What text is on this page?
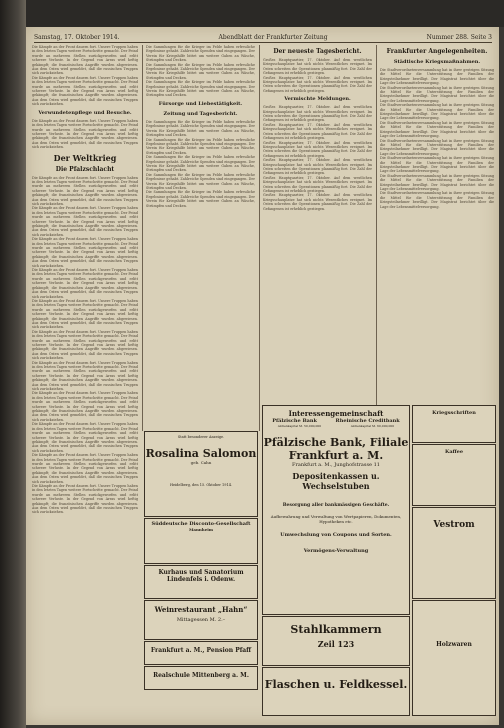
Samstag, 17. Oktober 1914.	Abendblatt der Frankfurter Zeitung	Nummer 288. Seite 3
Die Kämpfe an der Front dauern fort. Unsere Truppen haben in den letzten Tagen weitere Fortschritte gemacht. Der Feind wurde an mehreren Stellen zurückgeworfen und erlitt schwere Verluste. In der Gegend von Arras wird heftig gekämpft; die französischen Angriffe wurden abgewiesen. Aus dem Osten wird gemeldet, daß die russischen Truppen sich zurückziehen.
Die Kämpfe an der Front dauern fort. Unsere Truppen haben in den letzten Tagen weitere Fortschritte gemacht. Der Feind wurde an mehreren Stellen zurückgeworfen und erlitt schwere Verluste. In der Gegend von Arras wird heftig gekämpft; die französischen Angriffe wurden abgewiesen. Aus dem Osten wird gemeldet, daß die russischen Truppen sich zurückziehen.
Verwundetenpflege und Besuche.
Die Kämpfe an der Front dauern fort. Unsere Truppen haben in den letzten Tagen weitere Fortschritte gemacht. Der Feind wurde an mehreren Stellen zurückgeworfen und erlitt schwere Verluste. In der Gegend von Arras wird heftig gekämpft; die französischen Angriffe wurden abgewiesen. Aus dem Osten wird gemeldet, daß die russischen Truppen sich zurückziehen.
Der Weltkrieg
Die Pfalzschlacht
Die Kämpfe an der Front dauern fort. Unsere Truppen haben in den letzten Tagen weitere Fortschritte gemacht. Der Feind wurde an mehreren Stellen zurückgeworfen und erlitt schwere Verluste. In der Gegend von Arras wird heftig gekämpft; die französischen Angriffe wurden abgewiesen. Aus dem Osten wird gemeldet, daß die russischen Truppen sich zurückziehen.
Die Kämpfe an der Front dauern fort. Unsere Truppen haben in den letzten Tagen weitere Fortschritte gemacht. Der Feind wurde an mehreren Stellen zurückgeworfen und erlitt schwere Verluste. In der Gegend von Arras wird heftig gekämpft; die französischen Angriffe wurden abgewiesen. Aus dem Osten wird gemeldet, daß die russischen Truppen sich zurückziehen.
Die Kämpfe an der Front dauern fort. Unsere Truppen haben in den letzten Tagen weitere Fortschritte gemacht. Der Feind wurde an mehreren Stellen zurückgeworfen und erlitt schwere Verluste. In der Gegend von Arras wird heftig gekämpft; die französischen Angriffe wurden abgewiesen. Aus dem Osten wird gemeldet, daß die russischen Truppen sich zurückziehen.
Die Kämpfe an der Front dauern fort. Unsere Truppen haben in den letzten Tagen weitere Fortschritte gemacht. Der Feind wurde an mehreren Stellen zurückgeworfen und erlitt schwere Verluste. In der Gegend von Arras wird heftig gekämpft; die französischen Angriffe wurden abgewiesen. Aus dem Osten wird gemeldet, daß die russischen Truppen sich zurückziehen.
Die Kämpfe an der Front dauern fort. Unsere Truppen haben in den letzten Tagen weitere Fortschritte gemacht. Der Feind wurde an mehreren Stellen zurückgeworfen und erlitt schwere Verluste. In der Gegend von Arras wird heftig gekämpft; die französischen Angriffe wurden abgewiesen. Aus dem Osten wird gemeldet, daß die russischen Truppen sich zurückziehen.
Die Kämpfe an der Front dauern fort. Unsere Truppen haben in den letzten Tagen weitere Fortschritte gemacht. Der Feind wurde an mehreren Stellen zurückgeworfen und erlitt schwere Verluste. In der Gegend von Arras wird heftig gekämpft; die französischen Angriffe wurden abgewiesen. Aus dem Osten wird gemeldet, daß die russischen Truppen sich zurückziehen.
Die Kämpfe an der Front dauern fort. Unsere Truppen haben in den letzten Tagen weitere Fortschritte gemacht. Der Feind wurde an mehreren Stellen zurückgeworfen und erlitt schwere Verluste. In der Gegend von Arras wird heftig gekämpft; die französischen Angriffe wurden abgewiesen. Aus dem Osten wird gemeldet, daß die russischen Truppen sich zurückziehen.
Die Kämpfe an der Front dauern fort. Unsere Truppen haben in den letzten Tagen weitere Fortschritte gemacht. Der Feind wurde an mehreren Stellen zurückgeworfen und erlitt schwere Verluste. In der Gegend von Arras wird heftig gekämpft; die französischen Angriffe wurden abgewiesen. Aus dem Osten wird gemeldet, daß die russischen Truppen sich zurückziehen.
Die Kämpfe an der Front dauern fort. Unsere Truppen haben in den letzten Tagen weitere Fortschritte gemacht. Der Feind wurde an mehreren Stellen zurückgeworfen und erlitt schwere Verluste. In der Gegend von Arras wird heftig gekämpft; die französischen Angriffe wurden abgewiesen. Aus dem Osten wird gemeldet, daß die russischen Truppen sich zurückziehen.
Die Kämpfe an der Front dauern fort. Unsere Truppen haben in den letzten Tagen weitere Fortschritte gemacht. Der Feind wurde an mehreren Stellen zurückgeworfen und erlitt schwere Verluste. In der Gegend von Arras wird heftig gekämpft; die französischen Angriffe wurden abgewiesen. Aus dem Osten wird gemeldet, daß die russischen Truppen sich zurückziehen.
Die Kämpfe an der Front dauern fort. Unsere Truppen haben in den letzten Tagen weitere Fortschritte gemacht. Der Feind wurde an mehreren Stellen zurückgeworfen und erlitt schwere Verluste. In der Gegend von Arras wird heftig gekämpft; die französischen Angriffe wurden abgewiesen. Aus dem Osten wird gemeldet, daß die russischen Truppen sich zurückziehen.
Die Sammlungen für die Krieger im Felde haben erfreuliche Ergebnisse gehabt. Zahlreiche Spenden sind eingegangen. Der Verein für Kriegshilfe bittet um weitere Gaben an Wäsche, Strümpfen und Decken.
Die Sammlungen für die Krieger im Felde haben erfreuliche Ergebnisse gehabt. Zahlreiche Spenden sind eingegangen. Der Verein für Kriegshilfe bittet um weitere Gaben an Wäsche, Strümpfen und Decken.
Die Sammlungen für die Krieger im Felde haben erfreuliche Ergebnisse gehabt. Zahlreiche Spenden sind eingegangen. Der Verein für Kriegshilfe bittet um weitere Gaben an Wäsche, Strümpfen und Decken.
Fürsorge und Liebestätigkeit.
Zeitung und Tagesbericht.
Die Sammlungen für die Krieger im Felde haben erfreuliche Ergebnisse gehabt. Zahlreiche Spenden sind eingegangen. Der Verein für Kriegshilfe bittet um weitere Gaben an Wäsche, Strümpfen und Decken.
Die Sammlungen für die Krieger im Felde haben erfreuliche Ergebnisse gehabt. Zahlreiche Spenden sind eingegangen. Der Verein für Kriegshilfe bittet um weitere Gaben an Wäsche, Strümpfen und Decken.
Die Sammlungen für die Krieger im Felde haben erfreuliche Ergebnisse gehabt. Zahlreiche Spenden sind eingegangen. Der Verein für Kriegshilfe bittet um weitere Gaben an Wäsche, Strümpfen und Decken.
Die Sammlungen für die Krieger im Felde haben erfreuliche Ergebnisse gehabt. Zahlreiche Spenden sind eingegangen. Der Verein für Kriegshilfe bittet um weitere Gaben an Wäsche, Strümpfen und Decken.
Die Sammlungen für die Krieger im Felde haben erfreuliche Ergebnisse gehabt. Zahlreiche Spenden sind eingegangen. Der Verein für Kriegshilfe bittet um weitere Gaben an Wäsche, Strümpfen und Decken.
Der neueste Tagesbericht.
Großes Hauptquartier, 17. Oktober. Auf dem westlichen Kriegsschauplatze hat sich nichts Wesentliches ereignet. Im Osten schreiten die Operationen planmäßig fort. Die Zahl der Gefangenen ist erheblich gestiegen.
Großes Hauptquartier, 17. Oktober. Auf dem westlichen Kriegsschauplatze hat sich nichts Wesentliches ereignet. Im Osten schreiten die Operationen planmäßig fort. Die Zahl der Gefangenen ist erheblich gestiegen.
Vermischte Meldungen.
Großes Hauptquartier, 17. Oktober. Auf dem westlichen Kriegsschauplatze hat sich nichts Wesentliches ereignet. Im Osten schreiten die Operationen planmäßig fort. Die Zahl der Gefangenen ist erheblich gestiegen.
Großes Hauptquartier, 17. Oktober. Auf dem westlichen Kriegsschauplatze hat sich nichts Wesentliches ereignet. Im Osten schreiten die Operationen planmäßig fort. Die Zahl der Gefangenen ist erheblich gestiegen.
Großes Hauptquartier, 17. Oktober. Auf dem westlichen Kriegsschauplatze hat sich nichts Wesentliches ereignet. Im Osten schreiten die Operationen planmäßig fort. Die Zahl der Gefangenen ist erheblich gestiegen.
Großes Hauptquartier, 17. Oktober. Auf dem westlichen Kriegsschauplatze hat sich nichts Wesentliches ereignet. Im Osten schreiten die Operationen planmäßig fort. Die Zahl der Gefangenen ist erheblich gestiegen.
Großes Hauptquartier, 17. Oktober. Auf dem westlichen Kriegsschauplatze hat sich nichts Wesentliches ereignet. Im Osten schreiten die Operationen planmäßig fort. Die Zahl der Gefangenen ist erheblich gestiegen.
Großes Hauptquartier, 17. Oktober. Auf dem westlichen Kriegsschauplatze hat sich nichts Wesentliches ereignet. Im Osten schreiten die Operationen planmäßig fort. Die Zahl der Gefangenen ist erheblich gestiegen.
Frankfurter Angelegenheiten.
Städtische Kriegsmaßnahmen.
Die Stadtverordnetenversammlung hat in ihrer gestrigen Sitzung die Mittel für die Unterstützung der Familien der Kriegsteilnehmer bewilligt. Der Magistrat berichtet über die Lage der Lebensmittelversorgung.
Die Stadtverordnetenversammlung hat in ihrer gestrigen Sitzung die Mittel für die Unterstützung der Familien der Kriegsteilnehmer bewilligt. Der Magistrat berichtet über die Lage der Lebensmittelversorgung.
Die Stadtverordnetenversammlung hat in ihrer gestrigen Sitzung die Mittel für die Unterstützung der Familien der Kriegsteilnehmer bewilligt. Der Magistrat berichtet über die Lage der Lebensmittelversorgung.
Die Stadtverordnetenversammlung hat in ihrer gestrigen Sitzung die Mittel für die Unterstützung der Familien der Kriegsteilnehmer bewilligt. Der Magistrat berichtet über die Lage der Lebensmittelversorgung.
Die Stadtverordnetenversammlung hat in ihrer gestrigen Sitzung die Mittel für die Unterstützung der Familien der Kriegsteilnehmer bewilligt. Der Magistrat berichtet über die Lage der Lebensmittelversorgung.
Die Stadtverordnetenversammlung hat in ihrer gestrigen Sitzung die Mittel für die Unterstützung der Familien der Kriegsteilnehmer bewilligt. Der Magistrat berichtet über die Lage der Lebensmittelversorgung.
Die Stadtverordnetenversammlung hat in ihrer gestrigen Sitzung die Mittel für die Unterstützung der Familien der Kriegsteilnehmer bewilligt. Der Magistrat berichtet über die Lage der Lebensmittelversorgung.
Die Stadtverordnetenversammlung hat in ihrer gestrigen Sitzung die Mittel für die Unterstützung der Familien der Kriegsteilnehmer bewilligt. Der Magistrat berichtet über die Lage der Lebensmittelversorgung.
Statt besonderer Anzeige.
Rosalina Salomon
geb. Cahn
Heidelberg, den 15. Oktober 1914.
Süddeutsche Disconto-Gesellschaft
Mannheim
Kurhaus und Sanatorium
Lindenfels i. Odenw.
Weinrestaurant „Hahn“
Mittagessen M. 2.–
Frankfurt a. M., Pension Pfaff
Realschule Mittenberg a. M.
Interessengemeinschaft
Pfälzische Bank	Rheinische Creditbank
Aktienkapital M. 50,000,000	Aktienkapital M. 60,000,000
Pfälzische Bank, Filiale Frankfurt a. M.
Frankfurt a. M., Junghofstrasse 11
Depositenkassen u. Wechselstuben
Besorgung aller bankmässigen Geschäfte.
Aufbewahrung und Verwaltung von Wertpapieren, Dokumenten, Hypotheken etc.
Umwechslung von Coupons und Sorten.
Vermögens-Verwaltung
Stahlkammern
Zeil 123
Kriegsschriften
Kaffee
Vestrom
Holzwaren
Flaschen u. Feldkessel.
